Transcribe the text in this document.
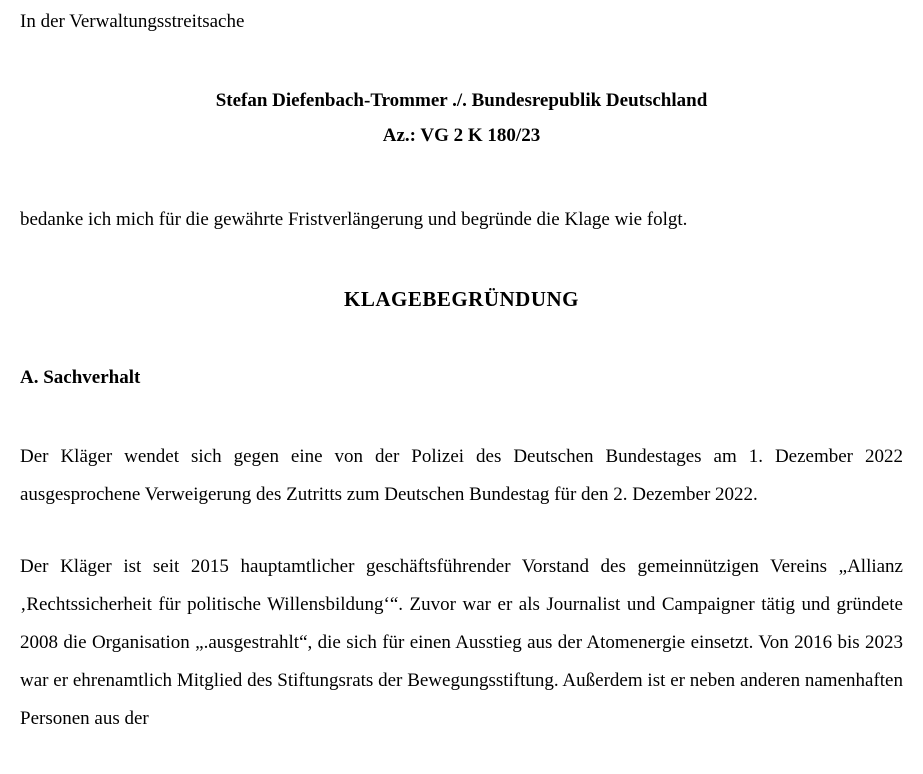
In der Verwaltungsstreitsache

Stefan Diefenbach-Trommer ./. Bundesrepublik Deutschland

Az.: VG 2 K 180/23

bedanke ich mich für die gewährte Fristverlängerung und begründe die Klage wie folgt.

KLAGEBEGRÜNDUNG
A. Sachverhalt

Der Kläger wendet sich gegen eine von der Polizei des Deutschen Bundestages am 1. Dezember 2022 ausgesprochene Verweigerung des Zutritts zum Deutschen Bundestag für den 2. Dezember 2022.

Der Kläger ist seit 2015 hauptamtlicher geschäftsführender Vorstand des gemeinnützigen Vereins „Allianz ‚Rechtssicherheit für politische Willensbildung‘“. Zuvor war er als Journalist und Campaigner tätig und gründete 2008 die Organisation „.ausgestrahlt“, die sich für einen Ausstieg aus der Atomenergie einsetzt. Von 2016 bis 2023 war er ehrenamtlich Mitglied des Stiftungsrats der Bewegungsstiftung. Außerdem ist er neben anderen namenhaften Personen aus der
